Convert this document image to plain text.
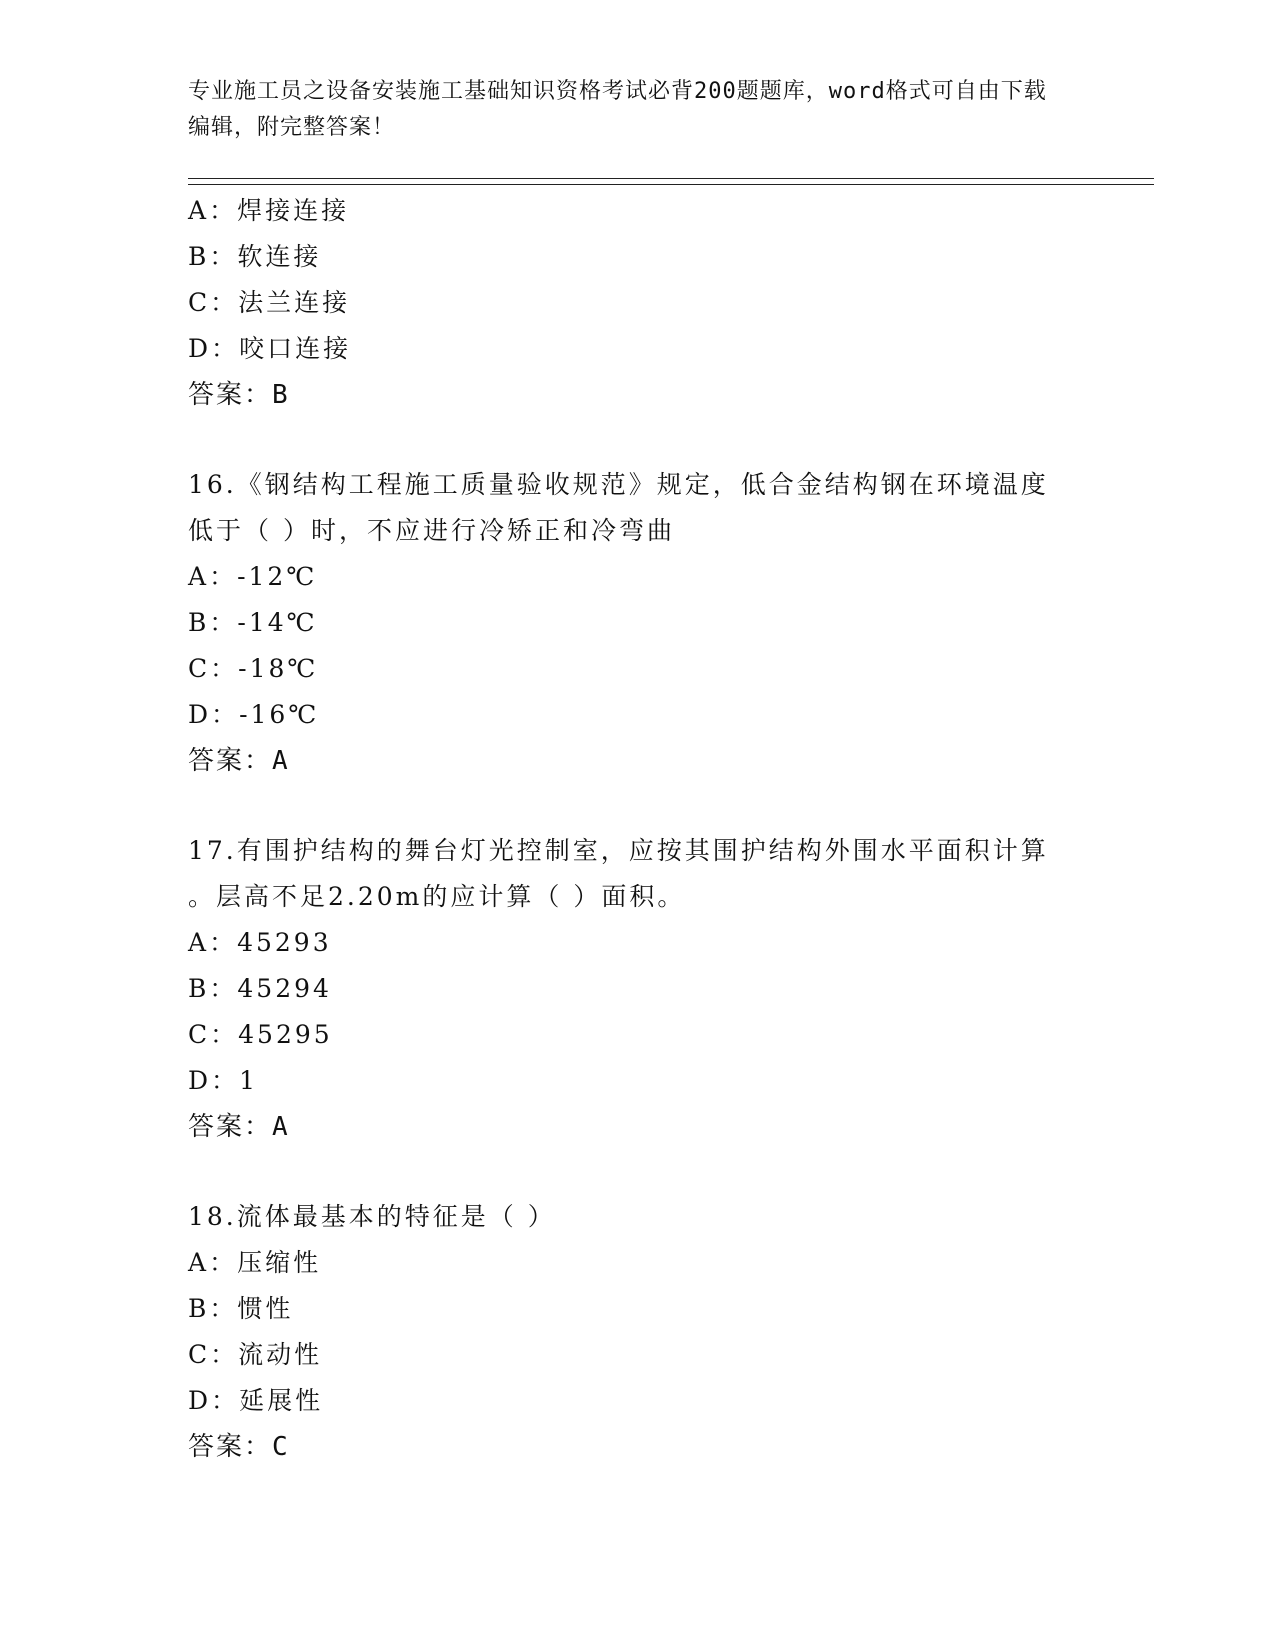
专业施工员之设备安装施工基础知识资格考试必背200题题库，word格式可自由下载编辑，附完整答案！
A ： 焊接连接
B ： 软连接
C ： 法兰连接
D ： 咬口连接
答案：B
16.《钢结构工程施工质量验收规范》规定，低合金结构钢在环境温度
低于（ ）时，不应进行冷矫正和冷弯曲
A ： -12℃
B ： -14℃
C ： -18℃
D ： -16℃
答案：A
17.有围护结构的舞台灯光控制室，应按其围护结构外围水平面积计算
。层高不足2.20m的应计算（ ）面积。
A ： 45293
B ： 45294
C ： 45295
D ： 1
答案：A
18.流体最基本的特征是（ ）
A ： 压缩性
B ： 惯性
C ： 流动性
D ： 延展性
答案：C
